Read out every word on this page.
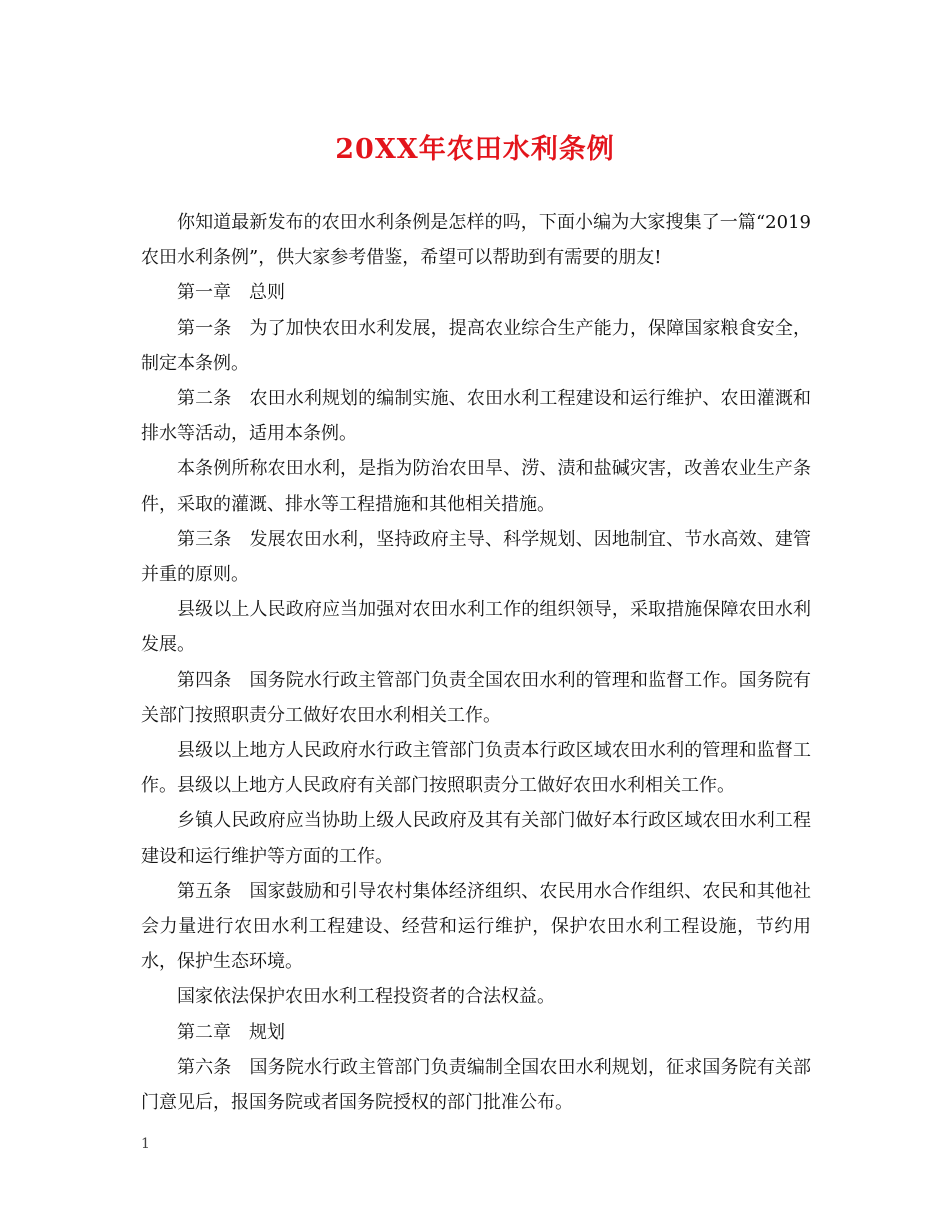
20XX年农田水利条例

你知道最新发布的农田水利条例是怎样的吗，下面小编为大家搜集了一篇“2019农田水利条例”，供大家参考借鉴，希望可以帮助到有需要的朋友!

第一章　总则

第一条　为了加快农田水利发展，提高农业综合生产能力，保障国家粮食安全，制定本条例。

第二条　农田水利规划的编制实施、农田水利工程建设和运行维护、农田灌溉和排水等活动，适用本条例。

本条例所称农田水利，是指为防治农田旱、涝、渍和盐碱灾害，改善农业生产条件，采取的灌溉、排水等工程措施和其他相关措施。

第三条　发展农田水利，坚持政府主导、科学规划、因地制宜、节水高效、建管并重的原则。

县级以上人民政府应当加强对农田水利工作的组织领导，采取措施保障农田水利发展。

第四条　国务院水行政主管部门负责全国农田水利的管理和监督工作。国务院有关部门按照职责分工做好农田水利相关工作。

县级以上地方人民政府水行政主管部门负责本行政区域农田水利的管理和监督工作。县级以上地方人民政府有关部门按照职责分工做好农田水利相关工作。

乡镇人民政府应当协助上级人民政府及其有关部门做好本行政区域农田水利工程建设和运行维护等方面的工作。

第五条　国家鼓励和引导农村集体经济组织、农民用水合作组织、农民和其他社会力量进行农田水利工程建设、经营和运行维护，保护农田水利工程设施，节约用水，保护生态环境。

国家依法保护农田水利工程投资者的合法权益。

第二章　规划

第六条　国务院水行政主管部门负责编制全国农田水利规划，征求国务院有关部门意见后，报国务院或者国务院授权的部门批准公布。

1
